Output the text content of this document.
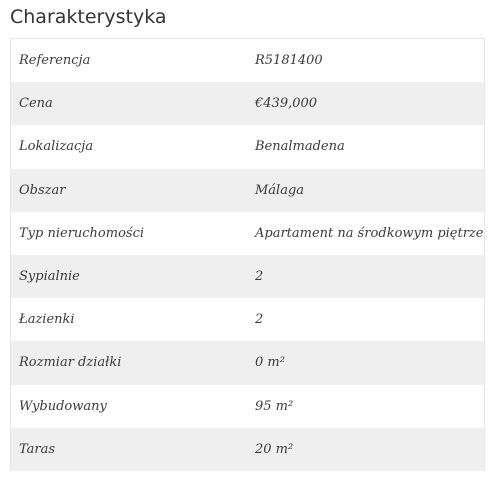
Charakterystyka
Referencja	R5181400
Cena	€439,000
Lokalizacja	Benalmadena
Obszar	Málaga
Typ nieruchomości	Apartament na środkowym piętrze
Sypialnie	2
Łazienki	2
Rozmiar działki	0 m²
Wybudowany	95 m²
Taras	20 m²
